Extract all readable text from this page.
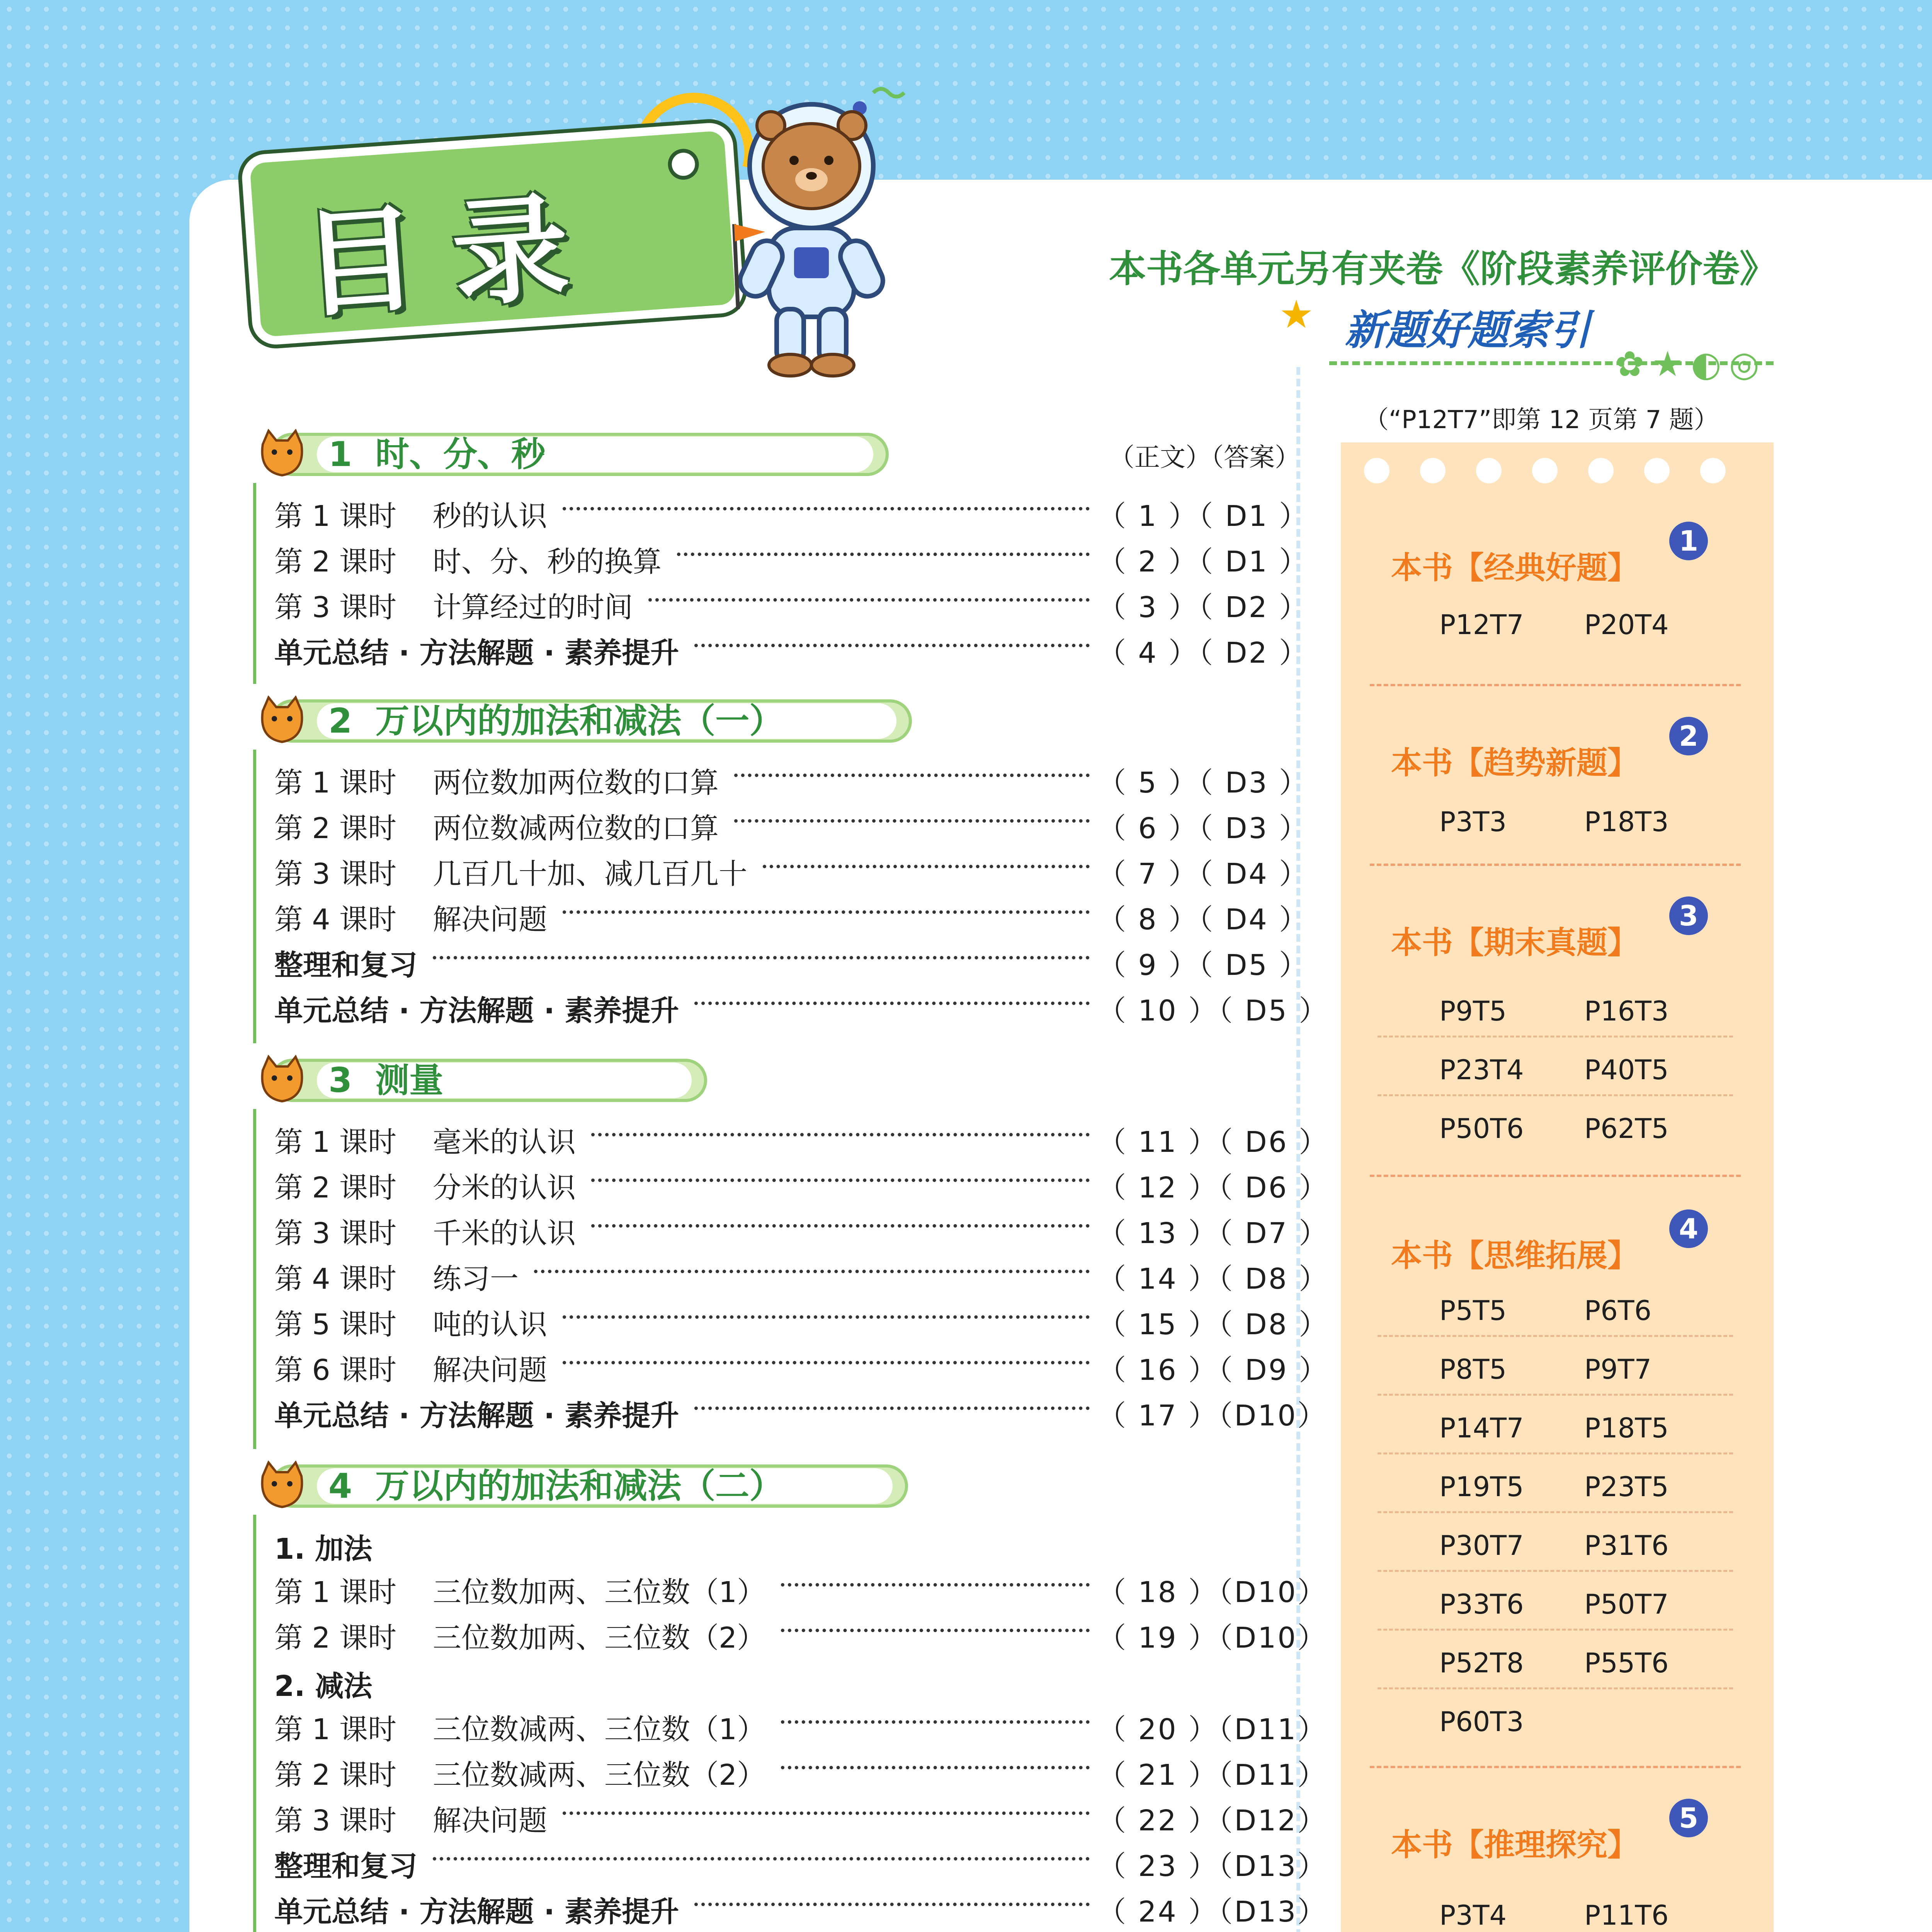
目录	本书各单元另有夹卷《阶段素养评价卷》
★ 新题好题索引
✿★◐◎
（“P12T7”即第 12 页第 7 题）
（正文）（答案）
1 时、分、秒
第 1 课时	秒的认识	（ 1 ）（ D1 ）
第 2 课时	时、分、秒的换算	（ 2 ）（ D1 ）
第 3 课时	计算经过的时间	（ 3 ）（ D2 ）
单元总结 · 方法解题 · 素养提升	（ 4 ）（ D2 ）
2 万以内的加法和减法（一）
第 1 课时	两位数加两位数的口算	（ 5 ）（ D3 ）
第 2 课时	两位数减两位数的口算	（ 6 ）（ D3 ）
第 3 课时	几百几十加、减几百几十	（ 7 ）（ D4 ）
第 4 课时	解决问题	（ 8 ）（ D4 ）
整理和复习	（ 9 ）（ D5 ）
单元总结 · 方法解题 · 素养提升	（ 10 ）（ D5 ）
3 测量
第 1 课时	毫米的认识	（ 11 ）（ D6 ）
第 2 课时	分米的认识	（ 12 ）（ D6 ）
第 3 课时	千米的认识	（ 13 ）（ D7 ）
第 4 课时	练习一	（ 14 ）（ D8 ）
第 5 课时	吨的认识	（ 15 ）（ D8 ）
第 6 课时	解决问题	（ 16 ）（ D9 ）
单元总结 · 方法解题 · 素养提升	（ 17 ）（D10）
4 万以内的加法和减法（二）
1. 加法
第 1 课时	三位数加两、三位数（1）	（ 18 ）（D10）
第 2 课时	三位数加两、三位数（2）	（ 19 ）（D10）
2. 减法
第 1 课时	三位数减两、三位数（1）	（ 20 ）（D11）
第 2 课时	三位数减两、三位数（2）	（ 21 ）（D11）
第 3 课时	解决问题	（ 22 ）（D12）
整理和复习	（ 23 ）（D13）
单元总结 · 方法解题 · 素养提升	（ 24 ）（D13）
本书【经典好题】
1
P12T7 P20T4
本书【趋势新题】
2
P3T3	P18T3
本书【期末真题】
3
P9T5	P16T3
P23T4 P40T5
P50T6 P62T5
本书【思维拓展】
4
P5T5	P6T6
P8T5	P9T7
P14T7 P18T5
P19T5 P23T5
P30T7 P31T6
P33T6 P50T7
P52T8 P55T6
P60T3
本书【推理探究】
5
P3T4	P11T6
